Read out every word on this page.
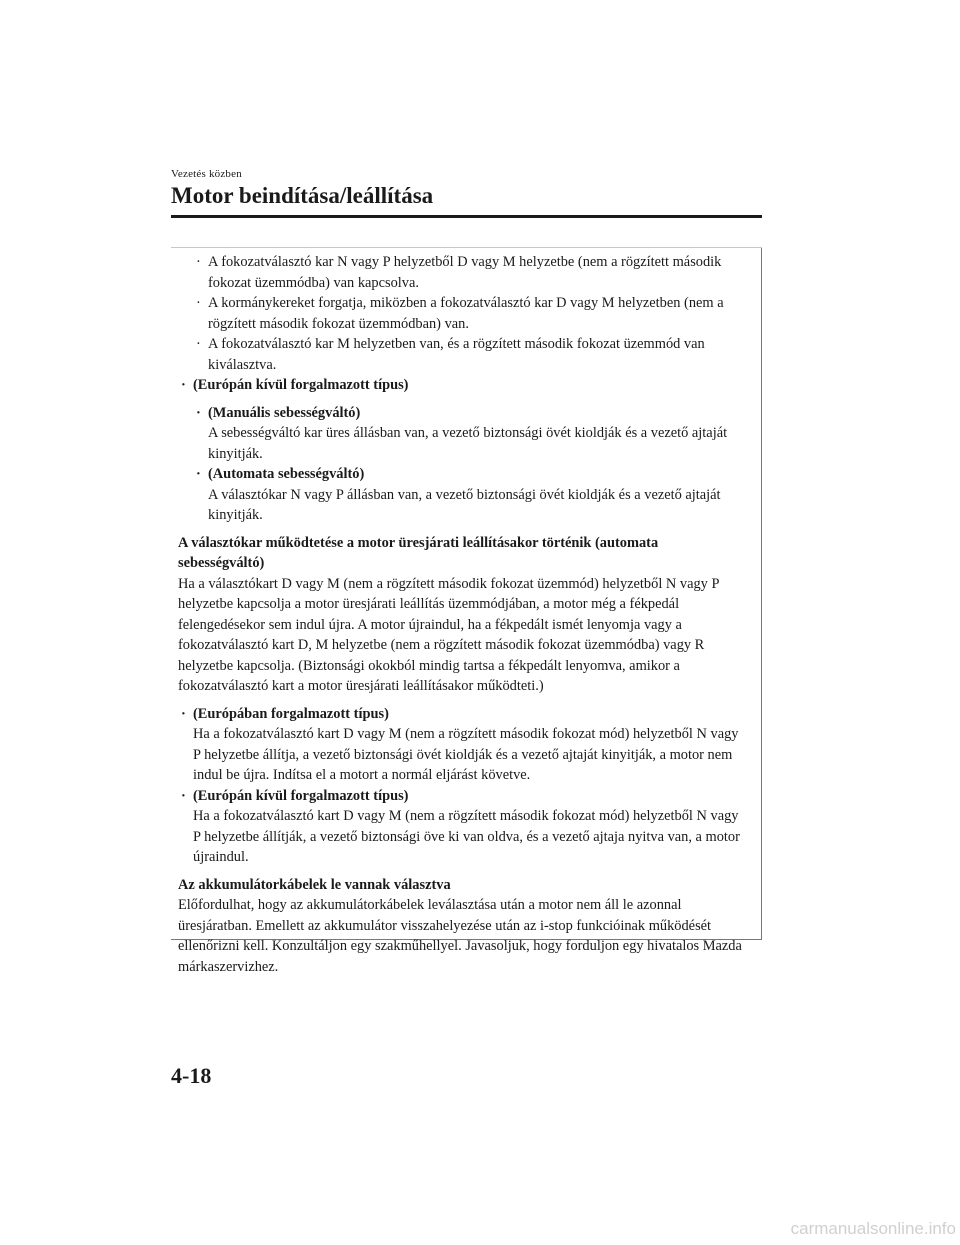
Vezetés közben
Motor beindítása/leállítása

· A fokozatválasztó kar N vagy P helyzetből D vagy M helyzetbe (nem a rögzített második fokozat üzemmódba) van kapcsolva.

· A kormánykereket forgatja, miközben a fokozatválasztó kar D vagy M helyzetben (nem a rögzített második fokozat üzemmódban) van.

· A fokozatválasztó kar M helyzetben van, és a rögzített második fokozat üzemmód van kiválasztva.

· (Európán kívül forgalmazott típus)

· (Manuális sebességváltó)

A sebességváltó kar üres állásban van, a vezető biztonsági övét kioldják és a vezető ajtaját kinyitják.

· (Automata sebességváltó)

A választókar N vagy P állásban van, a vezető biztonsági övét kioldják és a vezető ajtaját kinyitják.

A választókar működtetése a motor üresjárati leállításakor történik (automata sebességváltó)

Ha a választókart D vagy M (nem a rögzített második fokozat üzemmód) helyzetből N vagy P helyzetbe kapcsolja a motor üresjárati leállítás üzemmódjában, a motor még a fékpedál felengedésekor sem indul újra. A motor újraindul, ha a fékpedált ismét lenyomja vagy a fokozatválasztó kart D, M helyzetbe (nem a rögzített második fokozat üzemmódba) vagy R helyzetbe kapcsolja. (Biztonsági okokból mindig tartsa a fékpedált lenyomva, amikor a fokozatválasztó kart a motor üresjárati leállításakor működteti.)

· (Európában forgalmazott típus)

Ha a fokozatválasztó kart D vagy M (nem a rögzített második fokozat mód) helyzetből N vagy P helyzetbe állítja, a vezető biztonsági övét kioldják és a vezető ajtaját kinyitják, a motor nem indul be újra. Indítsa el a motort a normál eljárást követve.

· (Európán kívül forgalmazott típus)

Ha a fokozatválasztó kart D vagy M (nem a rögzített második fokozat mód) helyzetből N vagy P helyzetbe állítják, a vezető biztonsági öve ki van oldva, és a vezető ajtaja nyitva van, a motor újraindul.

Az akkumulátorkábelek le vannak választva

Előfordulhat, hogy az akkumulátorkábelek leválasztása után a motor nem áll le azonnal üresjáratban. Emellett az akkumulátor visszahelyezése után az i-stop funkcióinak működését ellenőrizni kell. Konzultáljon egy szakműhellyel. Javasoljuk, hogy forduljon egy hivatalos Mazda márkaszervizhez.

4-18
carmanualsonline.info
